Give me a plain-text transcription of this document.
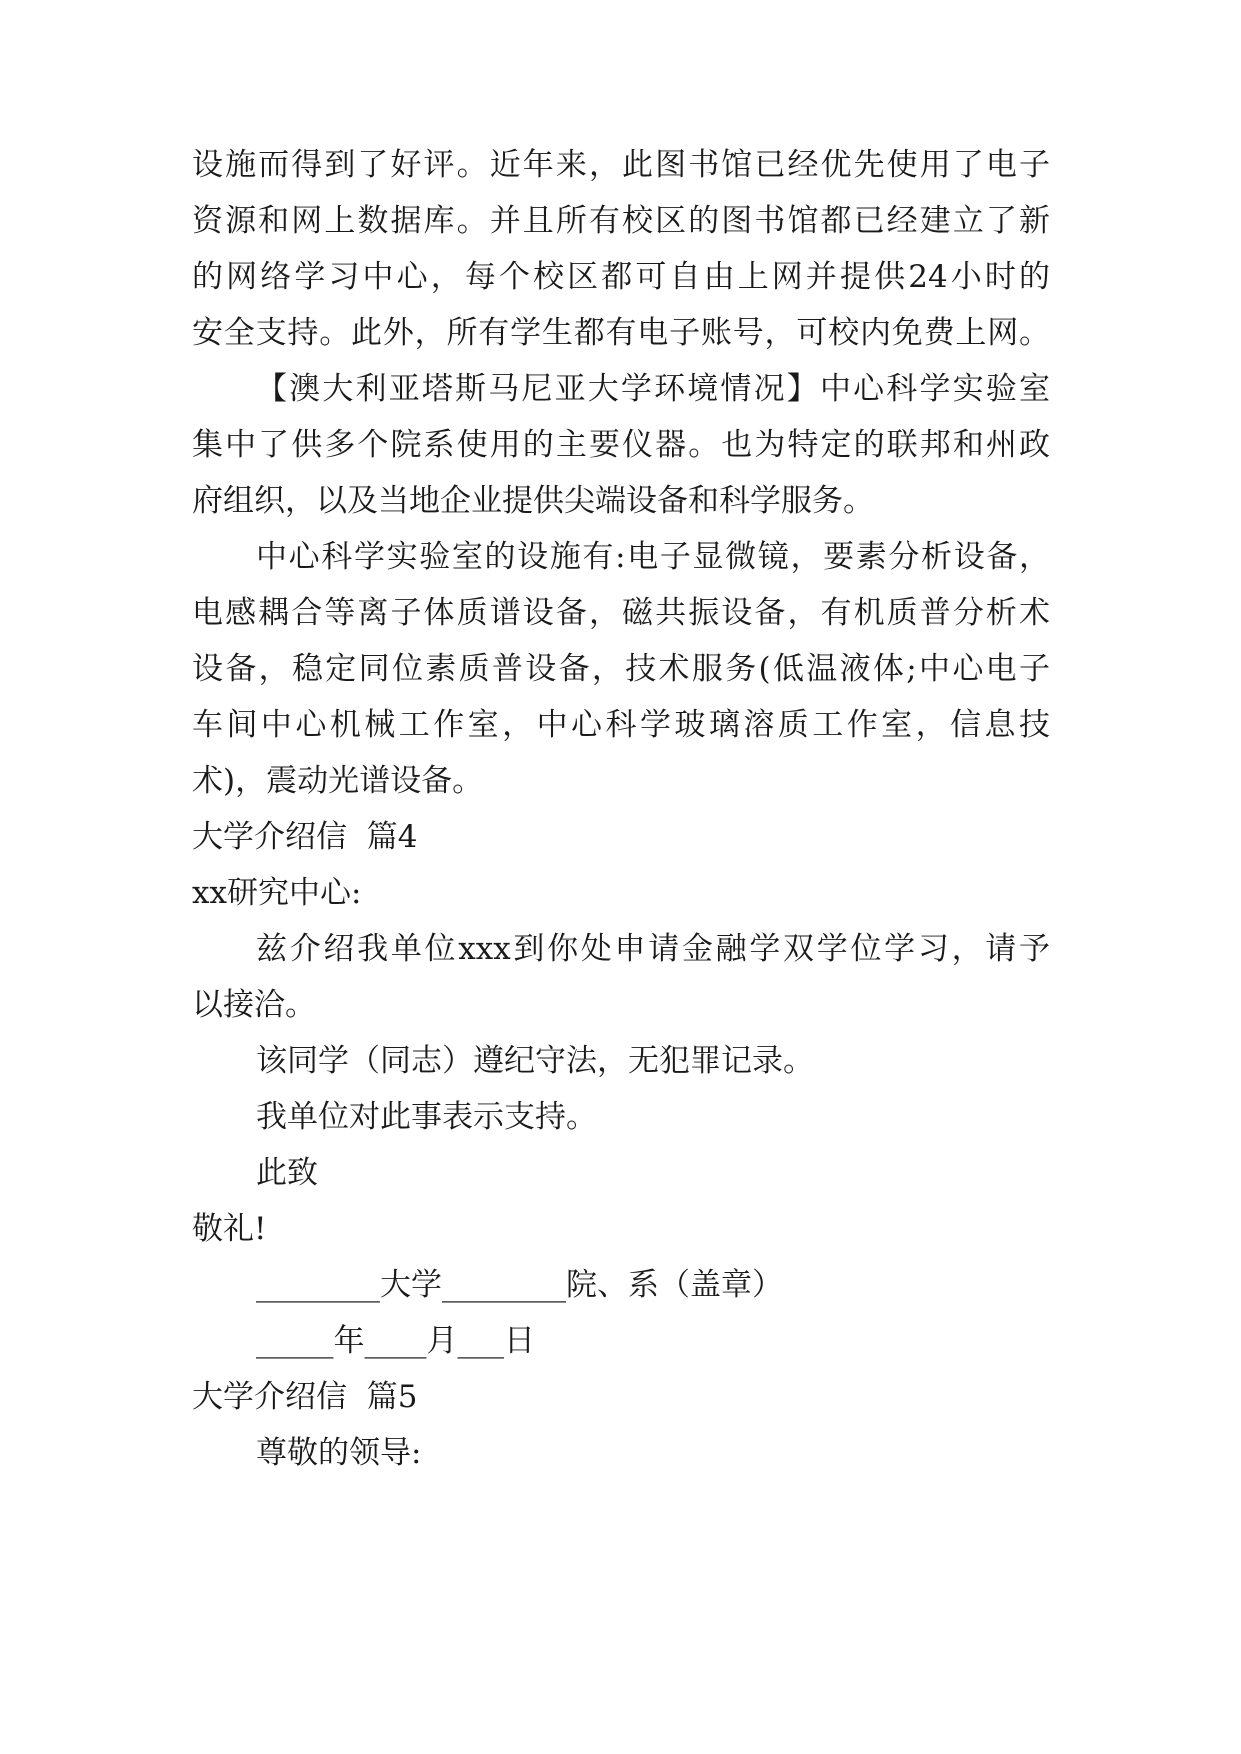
设施而得到了好评。近年来，此图书馆已经优先使用了电子
资源和网上数据库。并且所有校区的图书馆都已经建立了新
的网络学习中心，每个校区都可自由上网并提供24小时的
安全支持。此外，所有学生都有电子账号，可校内免费上网。
【澳大利亚塔斯马尼亚大学环境情况】中心科学实验室
集中了供多个院系使用的主要仪器。也为特定的联邦和州政
府组织，以及当地企业提供尖端设备和科学服务。
中心科学实验室的设施有:电子显微镜，要素分析设备，
电感耦合等离子体质谱设备，磁共振设备，有机质普分析术
设备，稳定同位素质普设备，技术服务(低温液体;中心电子
车间中心机械工作室，中心科学玻璃溶质工作室，信息技
术)，震动光谱设备。
大学介绍信  篇4
xx研究中心:
兹介绍我单位xxx到你处申请金融学双学位学习，请予
以接洽。
该同学（同志）遵纪守法，无犯罪记录。
我单位对此事表示支持。
此致
敬礼!
________大学________院、系（盖章）
_____年____月___日
大学介绍信  篇5
尊敬的领导:
